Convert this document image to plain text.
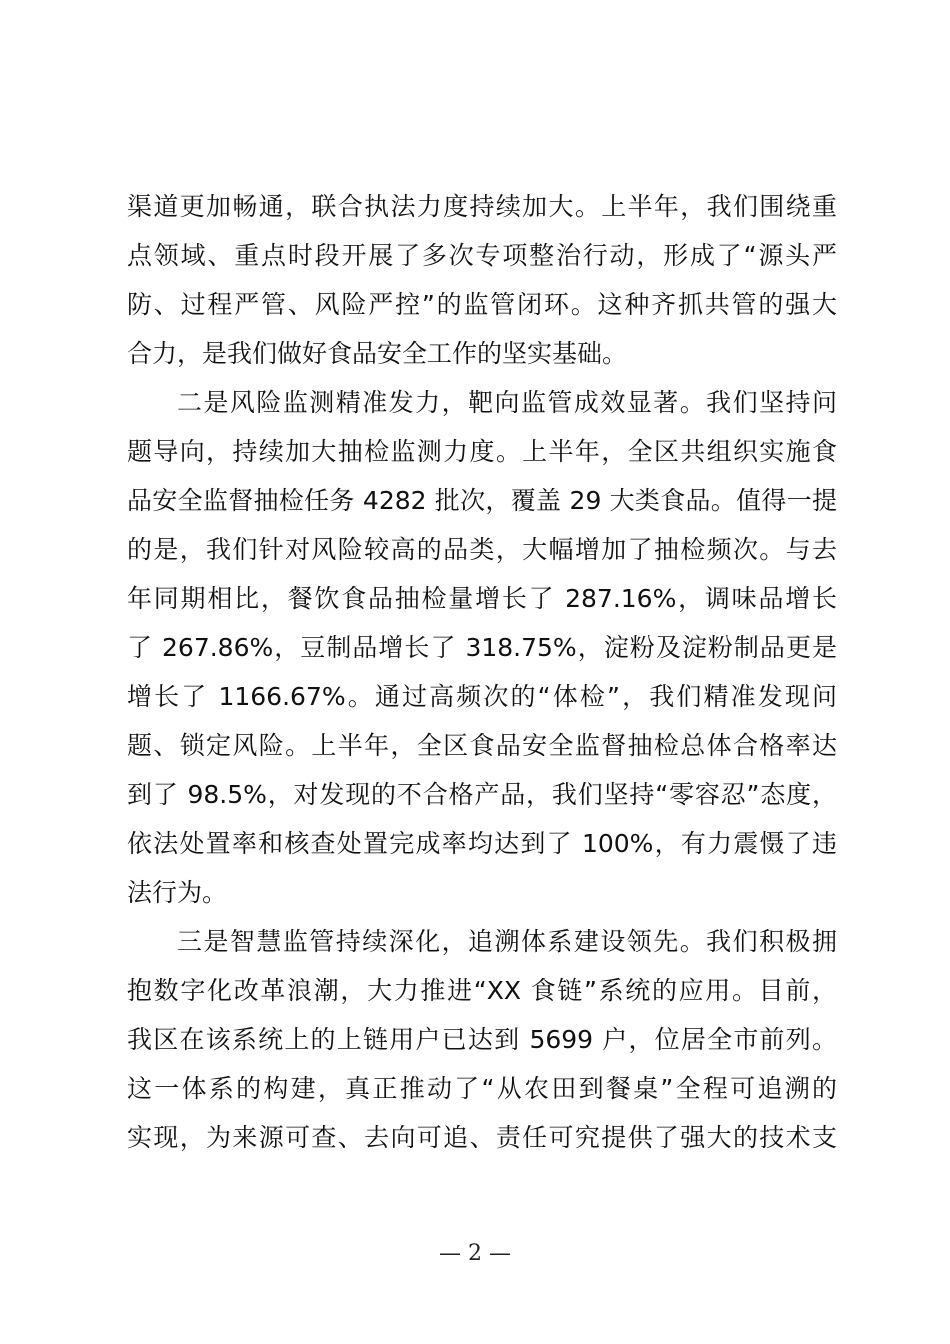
渠道更加畅通，联合执法力度持续加大。上半年，我们围绕重
点领域、重点时段开展了多次专项整治行动，形成了“源头严
防、过程严管、风险严控”的监管闭环。这种齐抓共管的强大
合力，是我们做好食品安全工作的坚实基础。
二是风险监测精准发力，靶向监管成效显著。我们坚持问
题导向，持续加大抽检监测力度。上半年，全区共组织实施食
品安全监督抽检任务 4282 批次，覆盖 29 大类食品。值得一提
的是，我们针对风险较高的品类，大幅增加了抽检频次。与去
年同期相比，餐饮食品抽检量增长了 287.16%，调味品增长
了 267.86%，豆制品增长了 318.75%，淀粉及淀粉制品更是
增长了 1166.67%。通过高频次的“体检”，我们精准发现问
题、锁定风险。上半年，全区食品安全监督抽检总体合格率达
到了 98.5%，对发现的不合格产品，我们坚持“零容忍”态度，
依法处置率和核查处置完成率均达到了 100%，有力震慑了违
法行为。
三是智慧监管持续深化，追溯体系建设领先。我们积极拥
抱数字化改革浪潮，大力推进“XX 食链”系统的应用。目前，
我区在该系统上的上链用户已达到 5699 户，位居全市前列。
这一体系的构建，真正推动了“从农田到餐桌”全程可追溯的
实现，为来源可查、去向可追、责任可究提供了强大的技术支
— 2 —
